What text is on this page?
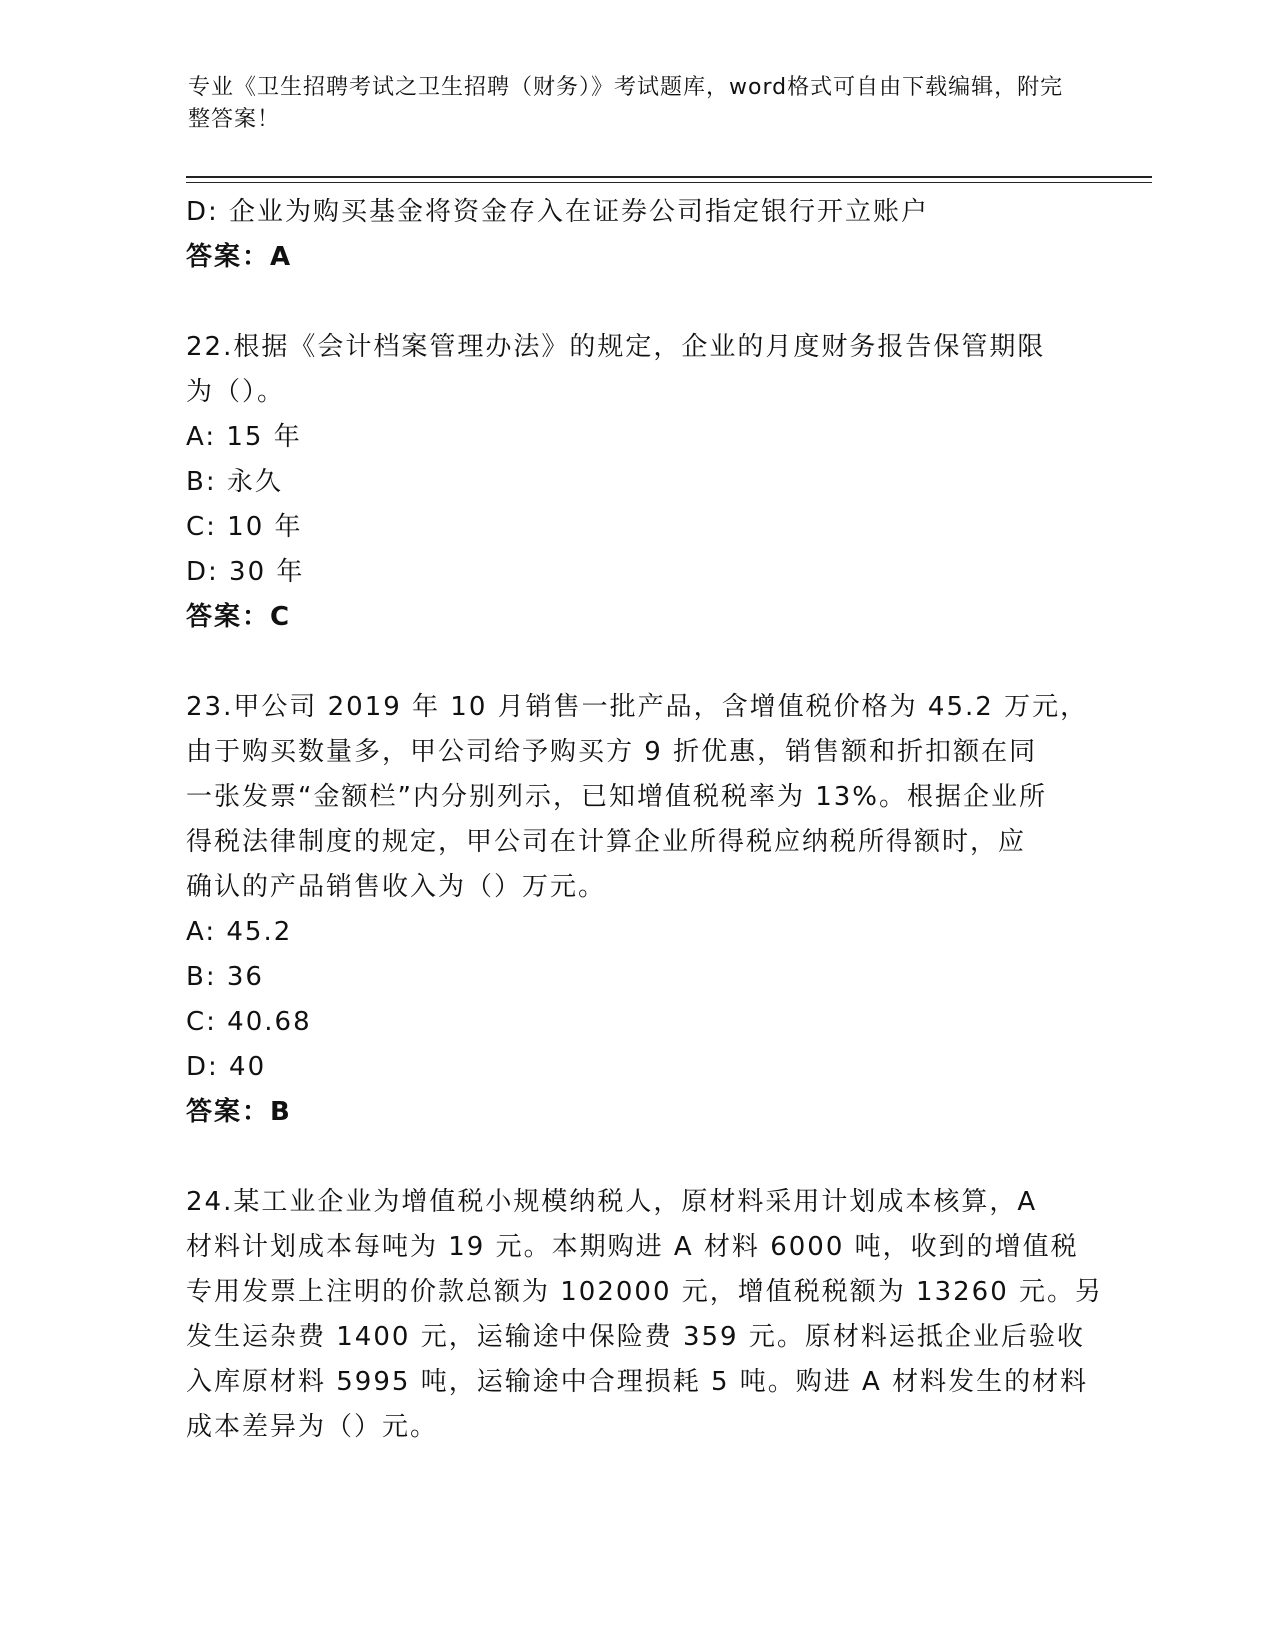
专业《卫生招聘考试之卫生招聘（财务）》考试题库，word格式可自由下载编辑，附完整答案！
D: 企业为购买基金将资金存入在证券公司指定银行开立账户
答案：A
22.根据《会计档案管理办法》的规定，企业的月度财务报告保管期限
为（）。
A: 15 年
B: 永久
C: 10 年
D: 30 年
答案：C
23.甲公司 2019 年 10 月销售一批产品，含增值税价格为 45.2 万元，
由于购买数量多，甲公司给予购买方 9 折优惠，销售额和折扣额在同
一张发票“金额栏”内分别列示，已知增值税税率为 13%。根据企业所
得税法律制度的规定，甲公司在计算企业所得税应纳税所得额时，应
确认的产品销售收入为（）万元。
A: 45.2
B: 36
C: 40.68
D: 40
答案：B
24.某工业企业为增值税小规模纳税人，原材料采用计划成本核算，A
材料计划成本每吨为 19 元。本期购进 A 材料 6000 吨，收到的增值税
专用发票上注明的价款总额为 102000 元，增值税税额为 13260 元。另
发生运杂费 1400 元，运输途中保险费 359 元。原材料运抵企业后验收
入库原材料 5995 吨，运输途中合理损耗 5 吨。购进 A 材料发生的材料
成本差异为（）元。
